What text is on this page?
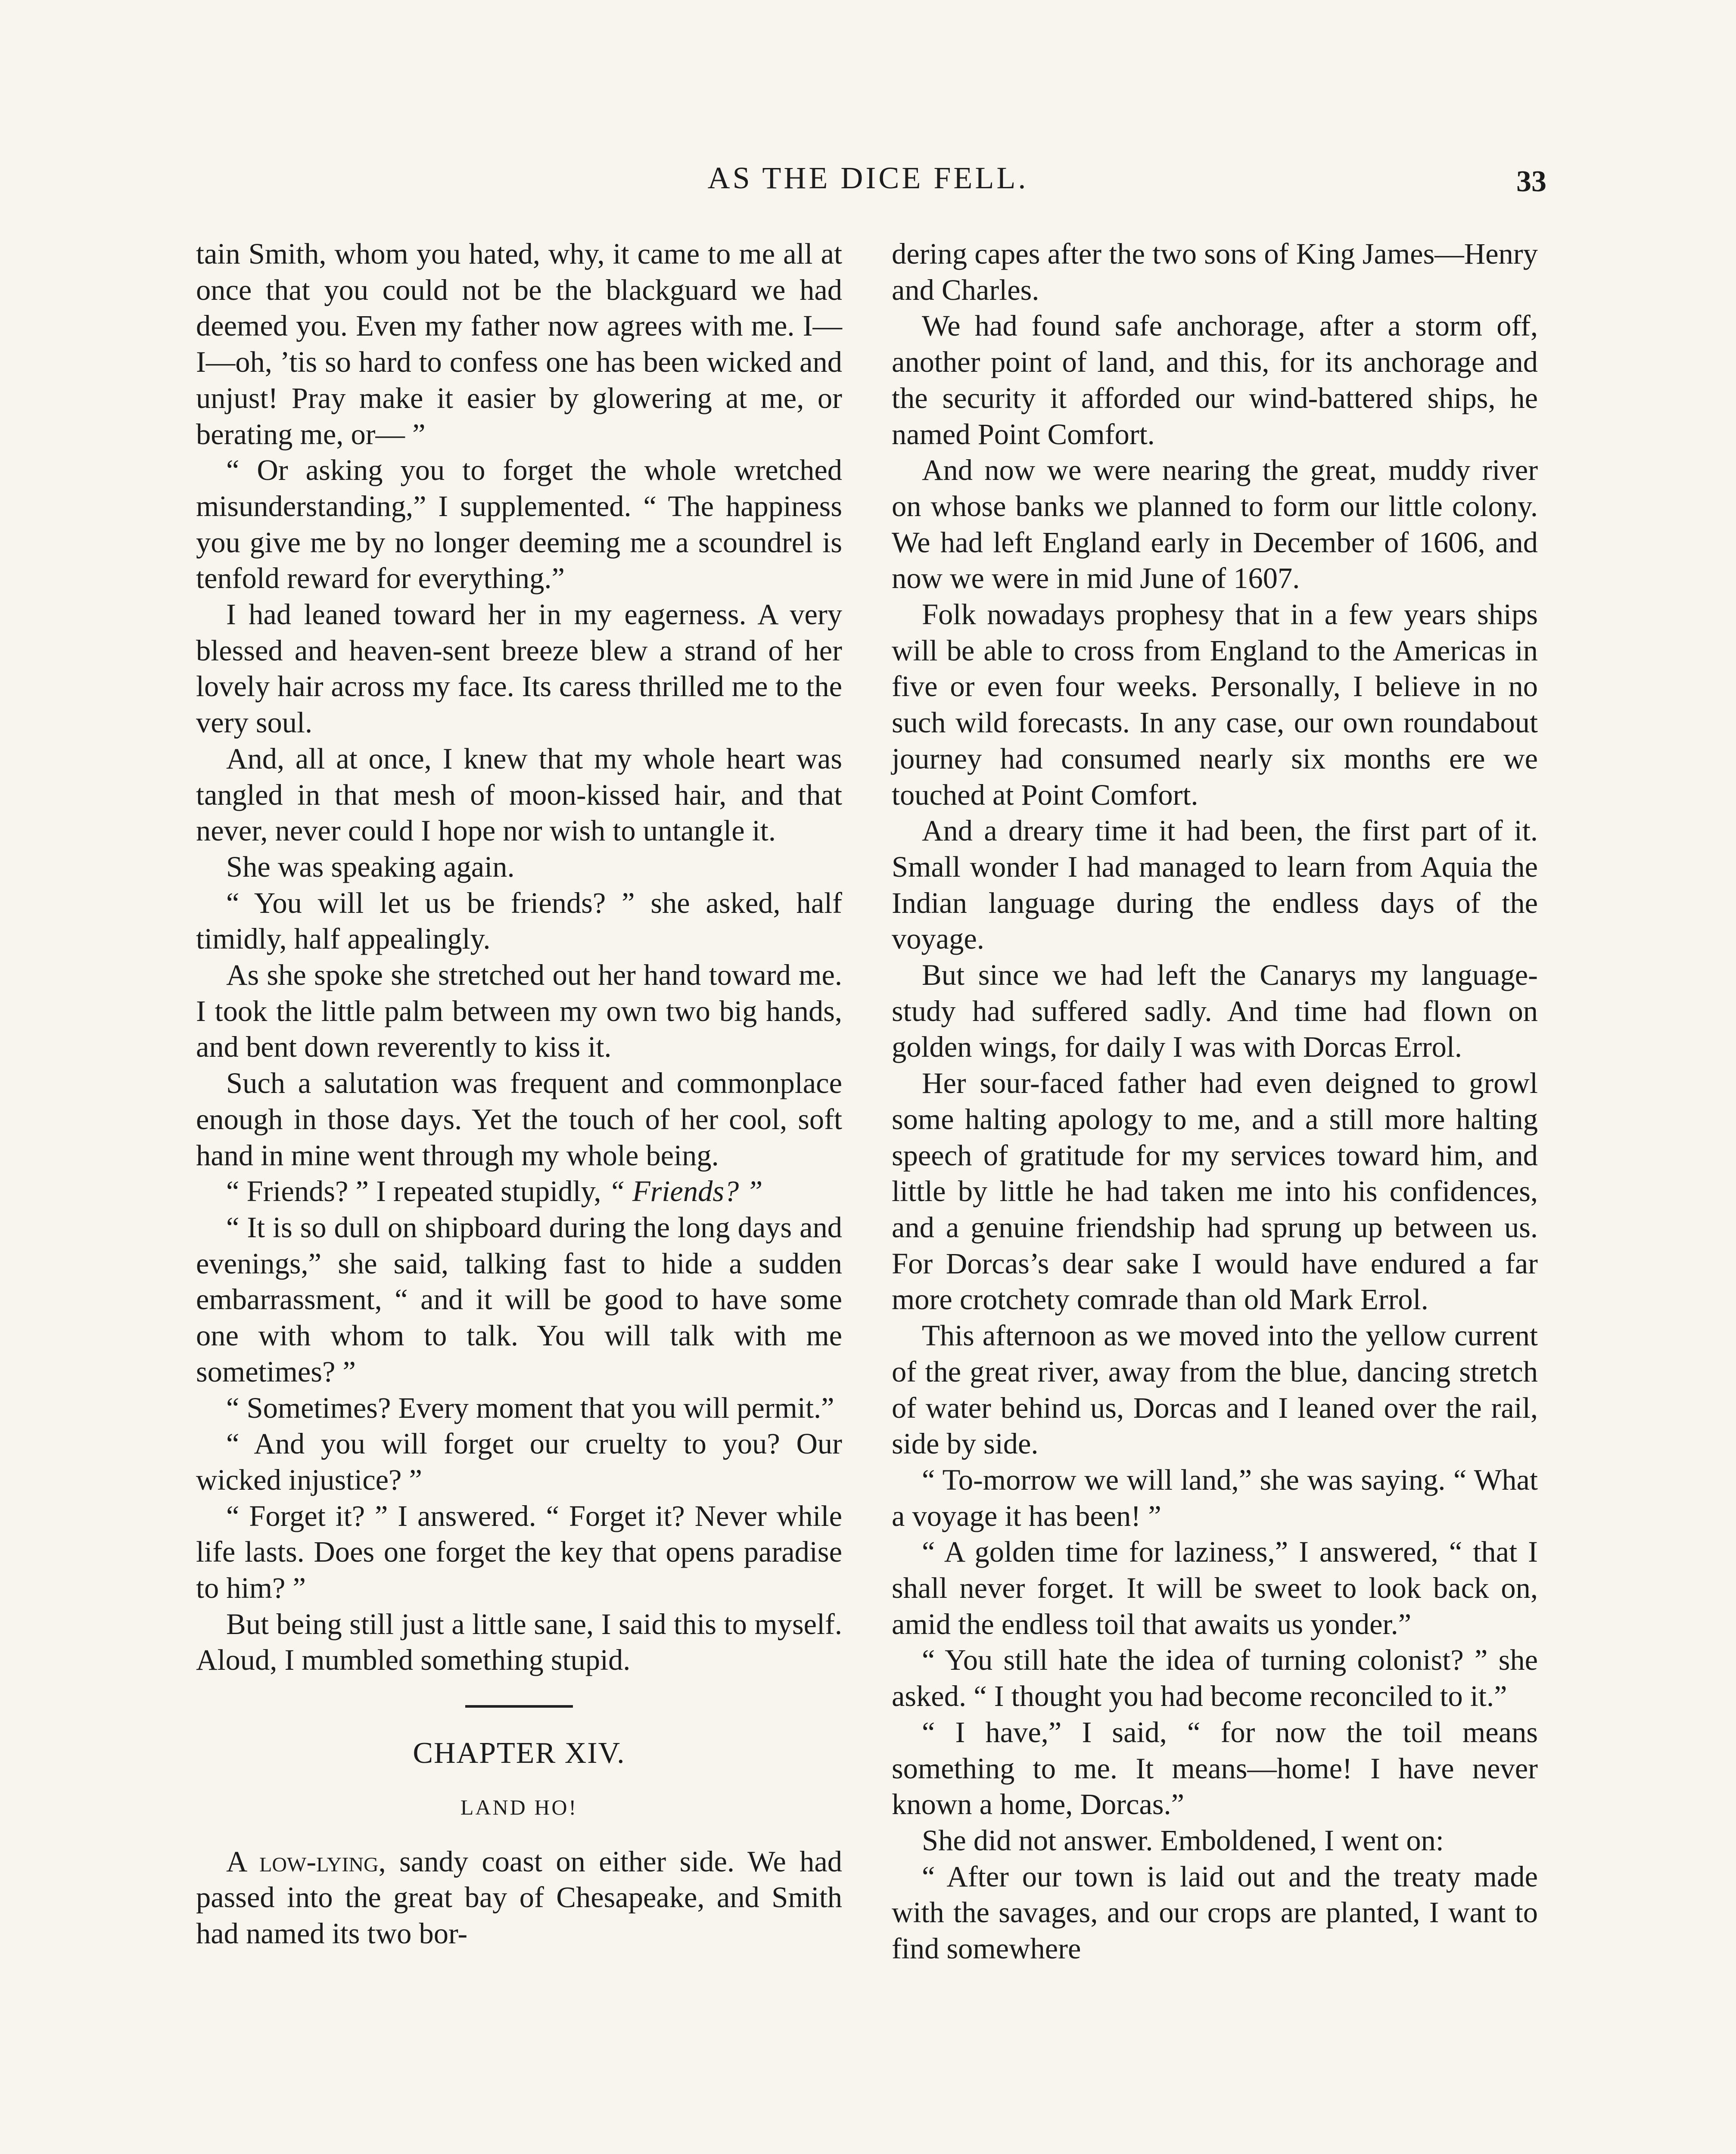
AS THE DICE FELL.	33

tain Smith, whom you hated, why, it came to me all at once that you could not be the blackguard we had deemed you. Even my father now agrees with me. I—I—oh, ’tis so hard to confess one has been wicked and unjust! Pray make it easier by glowering at me, or berating me, or— ”

“ Or asking you to forget the whole wretched misunderstanding,” I supplemented. “ The happiness you give me by no longer deeming me a scoundrel is tenfold reward for everything.”

I had leaned toward her in my eagerness. A very blessed and heaven-sent breeze blew a strand of her lovely hair across my face. Its caress thrilled me to the very soul.

And, all at once, I knew that my whole heart was tangled in that mesh of moon-kissed hair, and that never, never could I hope nor wish to untangle it.

She was speaking again.

“ You will let us be friends? ” she asked, half timidly, half appealingly.

As she spoke she stretched out her hand toward me. I took the little palm between my own two big hands, and bent down reverently to kiss it.

Such a salutation was frequent and commonplace enough in those days. Yet the touch of her cool, soft hand in mine went through my whole being.

“ Friends? ” I repeated stupidly, “ Friends? ”

“ It is so dull on shipboard during the long days and evenings,” she said, talking fast to hide a sudden embarrassment, “ and it will be good to have some one with whom to talk. You will talk with me sometimes? ”

“ Sometimes? Every moment that you will permit.”

“ And you will forget our cruelty to you? Our wicked injustice? ”

“ Forget it? ” I answered. “ Forget it? Never while life lasts. Does one forget the key that opens paradise to him? ”

But being still just a little sane, I said this to myself. Aloud, I mumbled something stupid.

CHAPTER XIV.
LAND HO!

A low-lying, sandy coast on either side. We had passed into the great bay of Chesapeake, and Smith had named its two bor-

dering capes after the two sons of King James—Henry and Charles.

We had found safe anchorage, after a storm off, another point of land, and this, for its anchorage and the security it afforded our wind-battered ships, he named Point Comfort.

And now we were nearing the great, muddy river on whose banks we planned to form our little colony. We had left England early in December of 1606, and now we were in mid June of 1607.

Folk nowadays prophesy that in a few years ships will be able to cross from England to the Americas in five or even four weeks. Personally, I believe in no such wild forecasts. In any case, our own roundabout journey had consumed nearly six months ere we touched at Point Comfort.

And a dreary time it had been, the first part of it. Small wonder I had managed to learn from Aquia the Indian language during the endless days of the voyage.

But since we had left the Canarys my language-study had suffered sadly. And time had flown on golden wings, for daily I was with Dorcas Errol.

Her sour-faced father had even deigned to growl some halting apology to me, and a still more halting speech of gratitude for my services toward him, and little by little he had taken me into his confidences, and a genuine friendship had sprung up between us. For Dorcas’s dear sake I would have endured a far more crotchety comrade than old Mark Errol.

This afternoon as we moved into the yellow current of the great river, away from the blue, dancing stretch of water behind us, Dorcas and I leaned over the rail, side by side.

“ To-morrow we will land,” she was saying. “ What a voyage it has been! ”

“ A golden time for laziness,” I answered, “ that I shall never forget. It will be sweet to look back on, amid the endless toil that awaits us yonder.”

“ You still hate the idea of turning colonist? ” she asked. “ I thought you had become reconciled to it.”

“ I have,” I said, “ for now the toil means something to me. It means—home! I have never known a home, Dorcas.”

She did not answer. Emboldened, I went on:

“ After our town is laid out and the treaty made with the savages, and our crops are planted, I want to find somewhere
